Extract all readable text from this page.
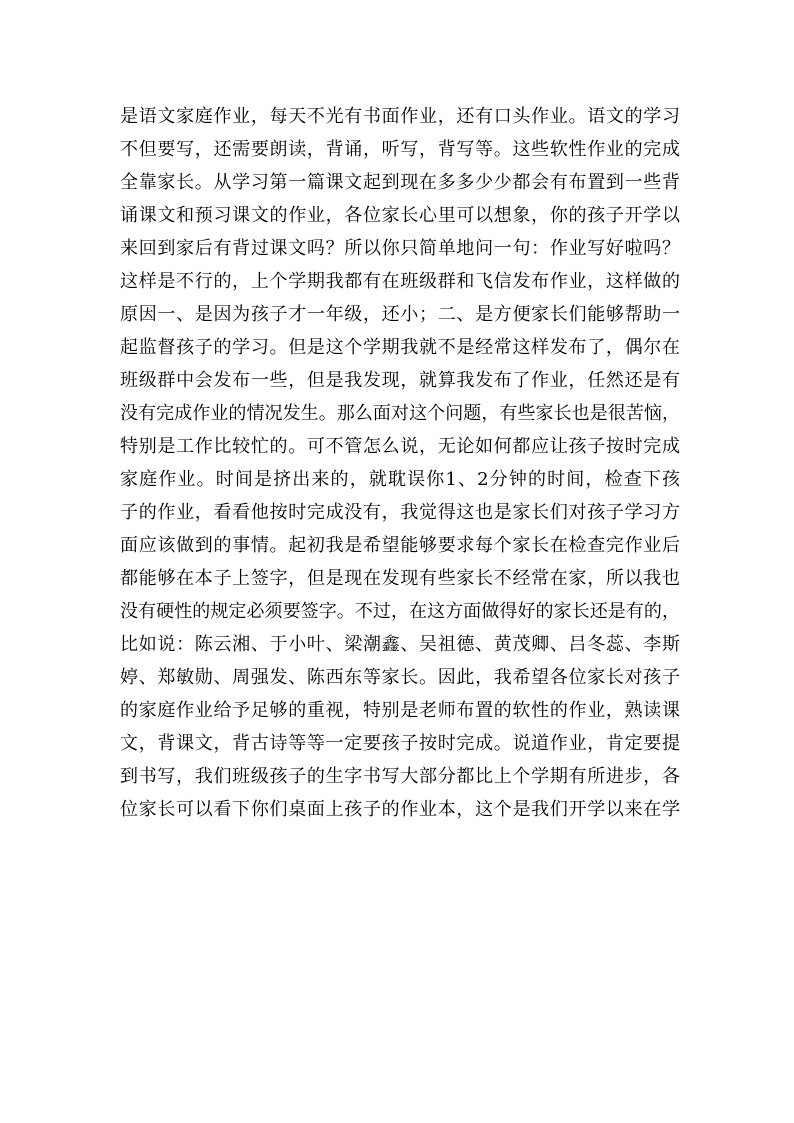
是语文家庭作业，每天不光有书面作业，还有口头作业。语文的学习
不但要写，还需要朗读，背诵，听写，背写等。这些软性作业的完成
全靠家长。从学习第一篇课文起到现在多多少少都会有布置到一些背
诵课文和预习课文的作业，各位家长心里可以想象，你的孩子开学以
来回到家后有背过课文吗？所以你只简单地问一句：作业写好啦吗？
这样是不行的，上个学期我都有在班级群和飞信发布作业，这样做的
原因一、是因为孩子才一年级，还小；二、是方便家长们能够帮助一
起监督孩子的学习。但是这个学期我就不是经常这样发布了，偶尔在
班级群中会发布一些，但是我发现，就算我发布了作业，任然还是有
没有完成作业的情况发生。那么面对这个问题，有些家长也是很苦恼，
特别是工作比较忙的。可不管怎么说，无论如何都应让孩子按时完成
家庭作业。时间是挤出来的，就耽误你1、2分钟的时间，检查下孩
子的作业，看看他按时完成没有，我觉得这也是家长们对孩子学习方
面应该做到的事情。起初我是希望能够要求每个家长在检查完作业后
都能够在本子上签字，但是现在发现有些家长不经常在家，所以我也
没有硬性的规定必须要签字。不过，在这方面做得好的家长还是有的，
比如说：陈云湘、于小叶、梁潮鑫、吴祖德、黄茂卿、吕冬蕊、李斯
婷、郑敏勋、周强发、陈西东等家长。因此，我希望各位家长对孩子
的家庭作业给予足够的重视，特别是老师布置的软性的作业，熟读课
文，背课文，背古诗等等一定要孩子按时完成。说道作业，肯定要提
到书写，我们班级孩子的生字书写大部分都比上个学期有所进步，各
位家长可以看下你们桌面上孩子的作业本，这个是我们开学以来在学
